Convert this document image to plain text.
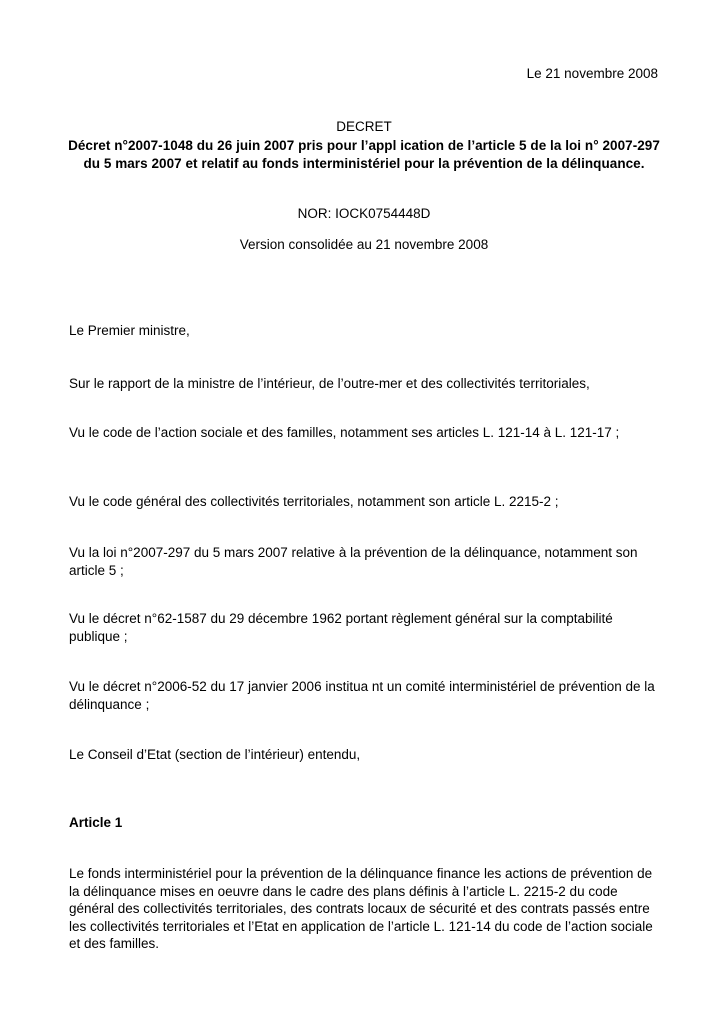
Le 21 novembre 2008
DECRET
Décret n°2007-1048 du 26 juin 2007 pris pour l’appl ication de l’article 5 de la loi n° 2007-297 du 5 mars 2007 et relatif au fonds interministériel pour la prévention de la délinquance.
NOR: IOCK0754448D
Version consolidée au 21 novembre 2008
Le Premier ministre,
Sur le rapport de la ministre de l’intérieur, de l’outre-mer et des collectivités territoriales,
Vu le code de l’action sociale et des familles, notamment ses articles L. 121-14 à L. 121-17 ;
Vu le code général des collectivités territoriales, notamment son article L. 2215-2 ;
Vu la loi n°2007-297 du 5 mars 2007 relative à la prévention de la délinquance, notamment son article 5 ;
Vu le décret n°62-1587 du 29 décembre 1962 portant règlement général sur la comptabilité publique ;
Vu le décret n°2006-52 du 17 janvier 2006 institua nt un comité interministériel de prévention de la délinquance ;
Le Conseil d’Etat (section de l’intérieur) entendu,
Article 1
Le fonds interministériel pour la prévention de la délinquance finance les actions de prévention de la délinquance mises en oeuvre dans le cadre des plans définis à l’article L. 2215-2 du code général des collectivités territoriales, des contrats locaux de sécurité et des contrats passés entre les collectivités territoriales et l’Etat en application de l’article L. 121-14 du code de l’action sociale et des familles.
